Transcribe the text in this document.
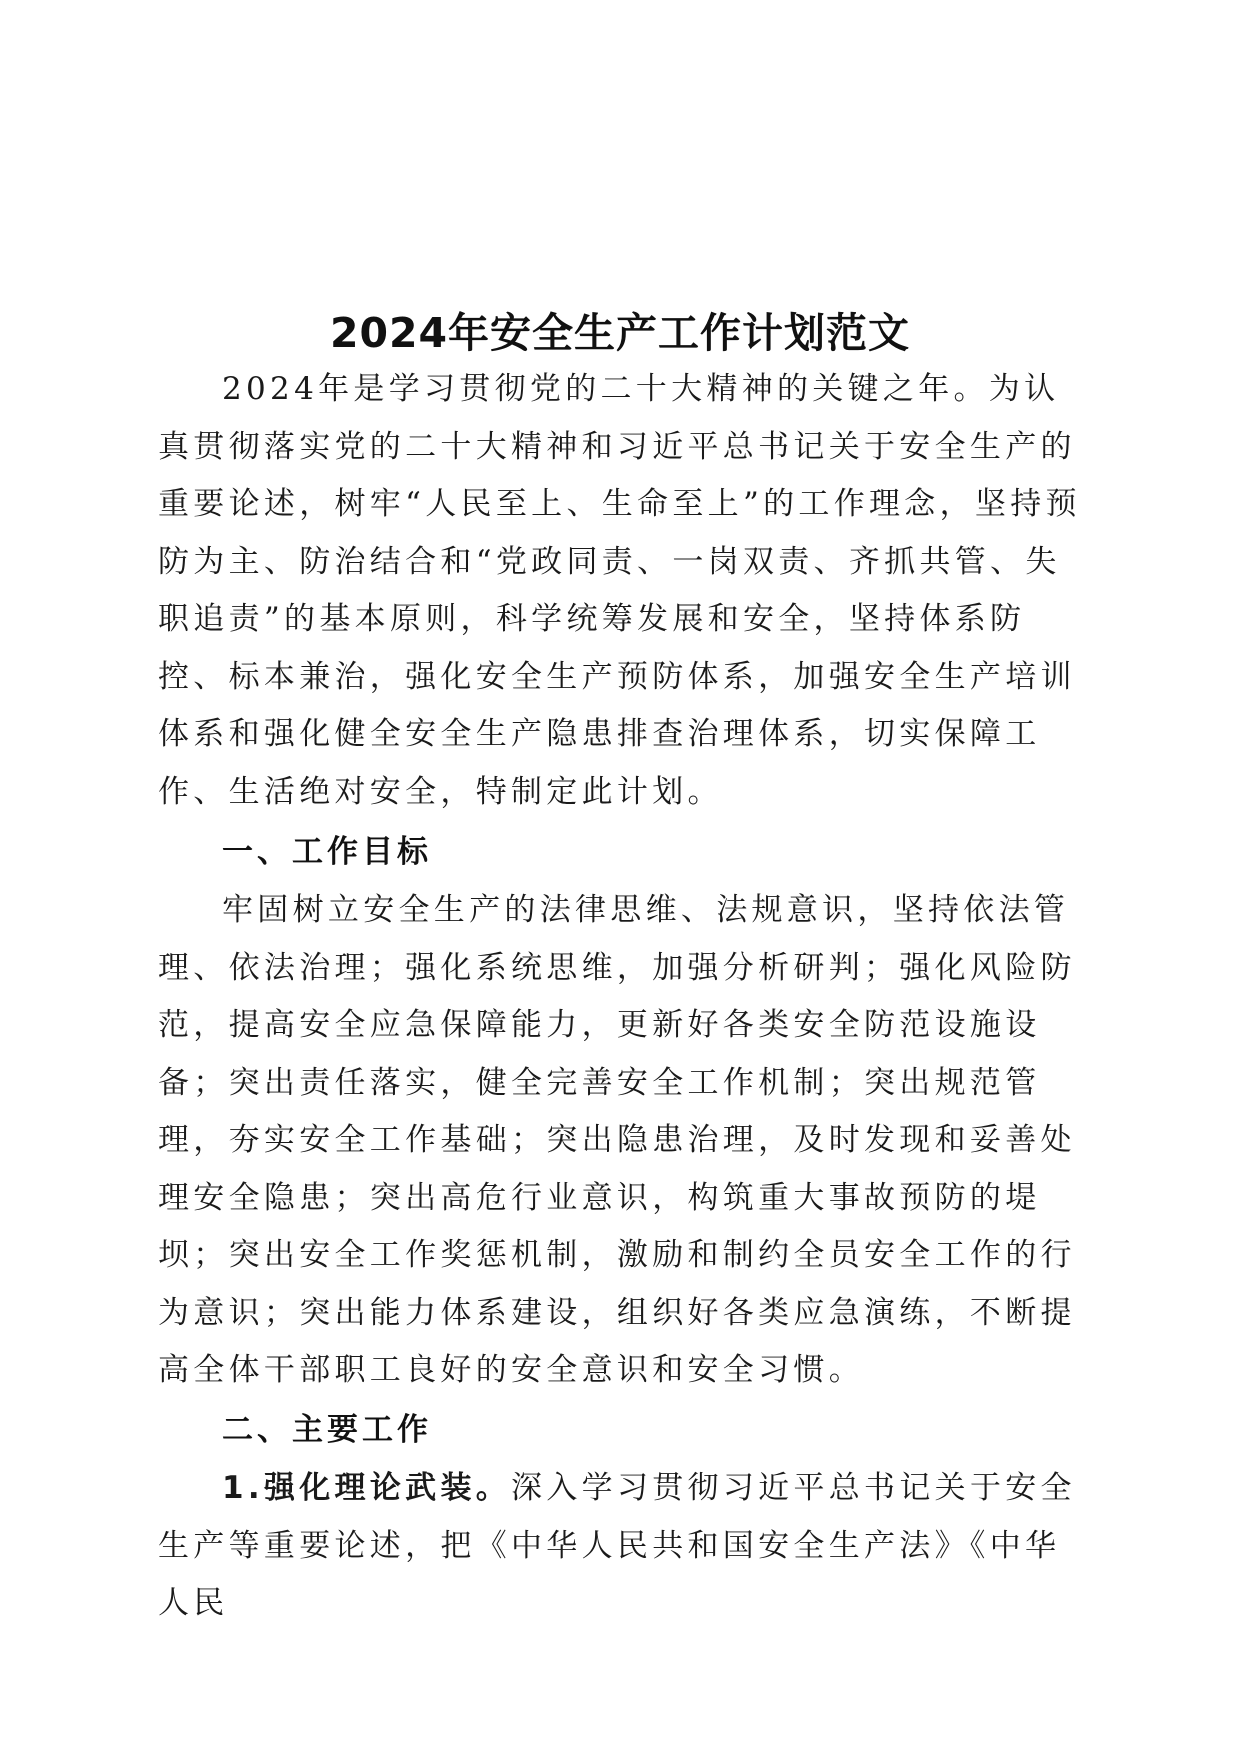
2024年安全生产工作计划范文

2024年是学习贯彻党的二十大精神的关键之年。为认真贯彻落实党的二十大精神和习近平总书记关于安全生产的重要论述，树牢“人民至上、生命至上”的工作理念，坚持预防为主、防治结合和“党政同责、一岗双责、齐抓共管、失职追责”的基本原则，科学统筹发展和安全，坚持体系防控、标本兼治，强化安全生产预防体系，加强安全生产培训体系和强化健全安全生产隐患排查治理体系，切实保障工作、生活绝对安全，特制定此计划。

一、工作目标

牢固树立安全生产的法律思维、法规意识，坚持依法管理、依法治理；强化系统思维，加强分析研判；强化风险防范，提高安全应急保障能力，更新好各类安全防范设施设备；突出责任落实，健全完善安全工作机制；突出规范管理，夯实安全工作基础；突出隐患治理，及时发现和妥善处理安全隐患；突出高危行业意识，构筑重大事故预防的堤坝；突出安全工作奖惩机制，激励和制约全员安全工作的行为意识；突出能力体系建设，组织好各类应急演练，不断提高全体干部职工良好的安全意识和安全习惯。

二、主要工作

1.强化理论武装。深入学习贯彻习近平总书记关于安全生产等重要论述，把《中华人民共和国安全生产法》《中华人民
